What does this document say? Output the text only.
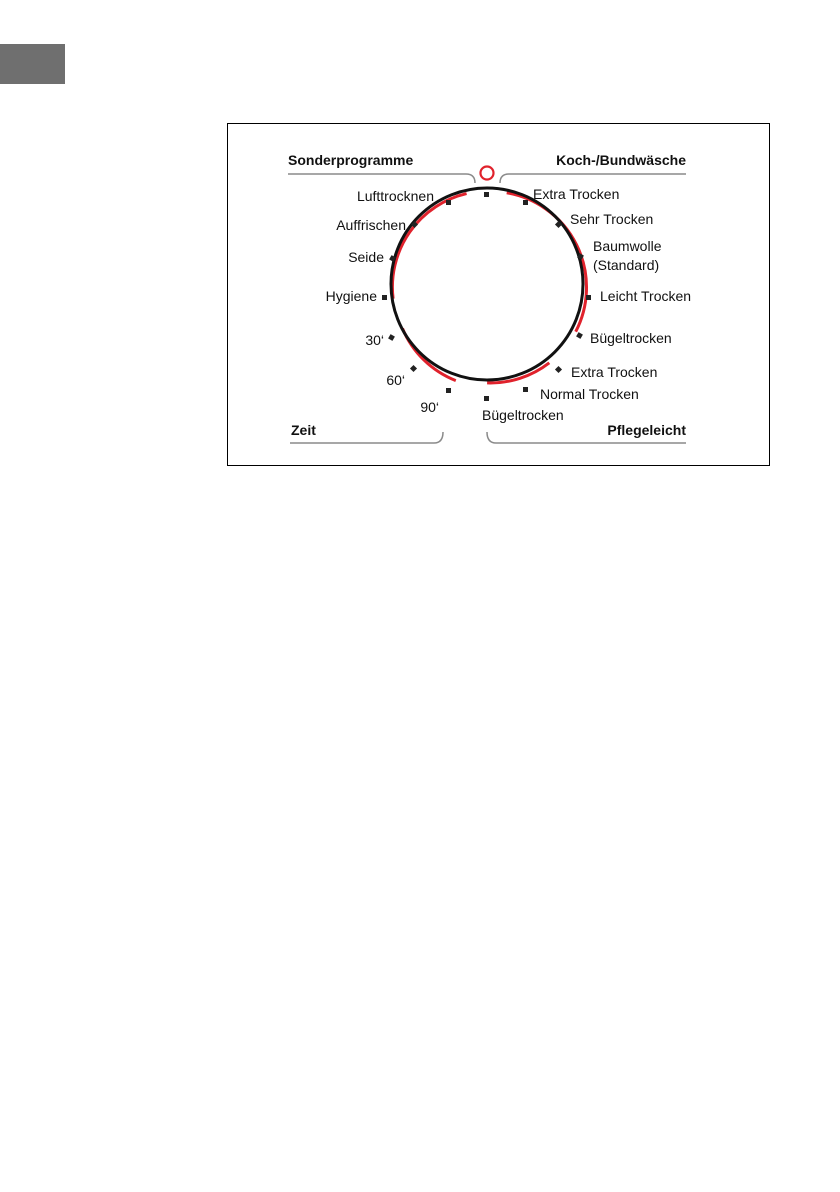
Sonderprogramme	Koch-/Bundwäsche
Zeit	Pflegeleicht
Lufttrocknen
Auffrischen
Seide
Hygiene
30‘
60‘
90‘
Extra Trocken
Sehr Trocken
Baumwolle
(Standard)
Leicht Trocken
Bügeltrocken
Extra Trocken
Normal Trocken
Bügeltrocken
